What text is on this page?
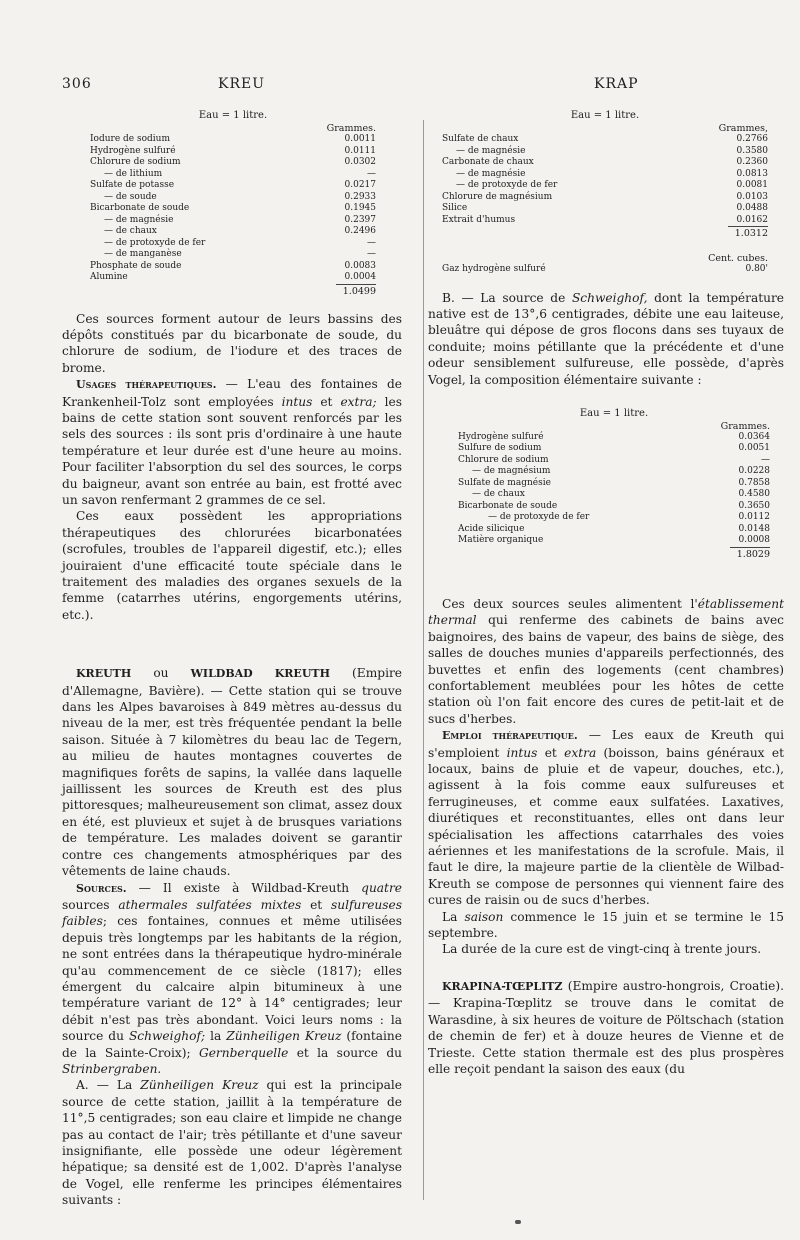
306	KREU	KRAP
Eau = 1 litre.
Grammes.
Iodure de sodium	0.0011
Hydrogène sulfuré	0.0111
Chlorure de sodium	0.0302
— de lithium	—
Sulfate de potasse	0.0217
— de soude	0.2933
Bicarbonate de soude	0.1945
— de magnésie	0.2397
— de chaux	0.2496
— de protoxyde de fer	—
— de manganèse	—
Phosphate de soude	0.0083
Alumine	0.0004
1.0499

Ces sources forment autour de leurs bassins des dépôts constitués par du bicarbonate de soude, du chlorure de sodium, de l'iodure et des traces de brome.

Usages thérapeutiques. — L'eau des fontaines de Krankenheil-Tolz sont employées intus et extra; les bains de cette station sont souvent renforcés par les sels des sources : ils sont pris d'ordinaire à une haute température et leur durée est d'une heure au moins. Pour faciliter l'absorption du sel des sources, le corps du baigneur, avant son entrée au bain, est frotté avec un savon renfermant 2 grammes de ce sel.

Ces eaux possèdent les appropriations thérapeutiques des chlorurées bicarbonatées (scrofules, troubles de l'appareil digestif, etc.); elles jouiraient d'une efficacité toute spéciale dans le traitement des maladies des organes sexuels de la femme (catarrhes utérins, engorgements utérins, etc.).

KREUTH ou WILDBAD KREUTH (Empire d'Allemagne, Bavière). — Cette station qui se trouve dans les Alpes bavaroises à 849 mètres au-dessus du niveau de la mer, est très fréquentée pendant la belle saison. Située à 7 kilomètres du beau lac de Tegern, au milieu de hautes montagnes couvertes de magnifiques forêts de sapins, la vallée dans laquelle jaillissent les sources de Kreuth est des plus pittoresques; malheureusement son climat, assez doux en été, est pluvieux et sujet à de brusques variations de température. Les malades doivent se garantir contre ces changements atmosphériques par des vêtements de laine chauds.

Sources. — Il existe à Wildbad-Kreuth quatre sources athermales sulfatées mixtes et sulfureuses faibles; ces fontaines, connues et même utilisées depuis très longtemps par les habitants de la région, ne sont entrées dans la thérapeutique hydro-minérale qu'au commencement de ce siècle (1817); elles émergent du calcaire alpin bitumineux à une température variant de 12° à 14° centigrades; leur débit n'est pas très abondant. Voici leurs noms : la source du Schweighof; la Zünheiligen Kreuz (fontaine de la Sainte-Croix); Gernberquelle et la source du Strinbergraben.

A. — La Zünheiligen Kreuz qui est la principale source de cette station, jaillit à la température de 11°,5 centigrades; son eau claire et limpide ne change pas au contact de l'air; très pétillante et d'une saveur insignifiante, elle possède une odeur légèrement hépatique; sa densité est de 1,002. D'après l'analyse de Vogel, elle renferme les principes élémentaires suivants :

Eau = 1 litre.
Grammes,
Sulfate de chaux	0.2766
— de magnésie	0.3580
Carbonate de chaux	0.2360
— de magnésie	0.0813
— de protoxyde de fer	0.0081
Chlorure de magnésium	0.0103
Silice	0.0488
Extrait d'humus	0.0162
1.0312
Cent. cubes.
Gaz hydrogène sulfuré	0.80'

B. — La source de Schweighof, dont la température native est de 13°,6 centigrades, débite une eau laiteuse, bleuâtre qui dépose de gros flocons dans ses tuyaux de conduite; moins pétillante que la précédente et d'une odeur sensiblement sulfureuse, elle possède, d'après Vogel, la composition élémentaire suivante :

Eau = 1 litre.
Grammes.
Hydrogène sulfuré	0.0364
Sulfure de sodium	0.0051
Chlorure de sodium	—
— de magnésium	0.0228
Sulfate de magnésie	0.7858
— de chaux	0.4580
Bicarbonate de soude	0.3650
— de protoxyde de fer	0.0112
Acide silicique	0.0148
Matière organique	0.0008
1.8029

Ces deux sources seules alimentent l'établissement thermal qui renferme des cabinets de bains avec baignoires, des bains de vapeur, des bains de siège, des salles de douches munies d'appareils perfectionnés, des buvettes et enfin des logements (cent chambres) confortablement meublées pour les hôtes de cette station où l'on fait encore des cures de petit-lait et de sucs d'herbes.

Emploi thérapeutique. — Les eaux de Kreuth qui s'emploient intus et extra (boisson, bains généraux et locaux, bains de pluie et de vapeur, douches, etc.), agissent à la fois comme eaux sulfureuses et ferrugineuses, et comme eaux sulfatées. Laxatives, diurétiques et reconstituantes, elles ont dans leur spécialisation les affections catarrhales des voies aériennes et les manifestations de la scrofule. Mais, il faut le dire, la majeure partie de la clientèle de Wilbad-Kreuth se compose de personnes qui viennent faire des cures de raisin ou de sucs d'herbes.

La saison commence le 15 juin et se termine le 15 septembre.

La durée de la cure est de vingt-cinq à trente jours.

KRAPINA-TŒPLITZ (Empire austro-hongrois, Croatie). — Krapina-Tœplitz se trouve dans le comitat de Warasdine, à six heures de voiture de Pöltschach (station de chemin de fer) et à douze heures de Vienne et de Trieste. Cette station thermale est des plus prospères elle reçoit pendant la saison des eaux (du
